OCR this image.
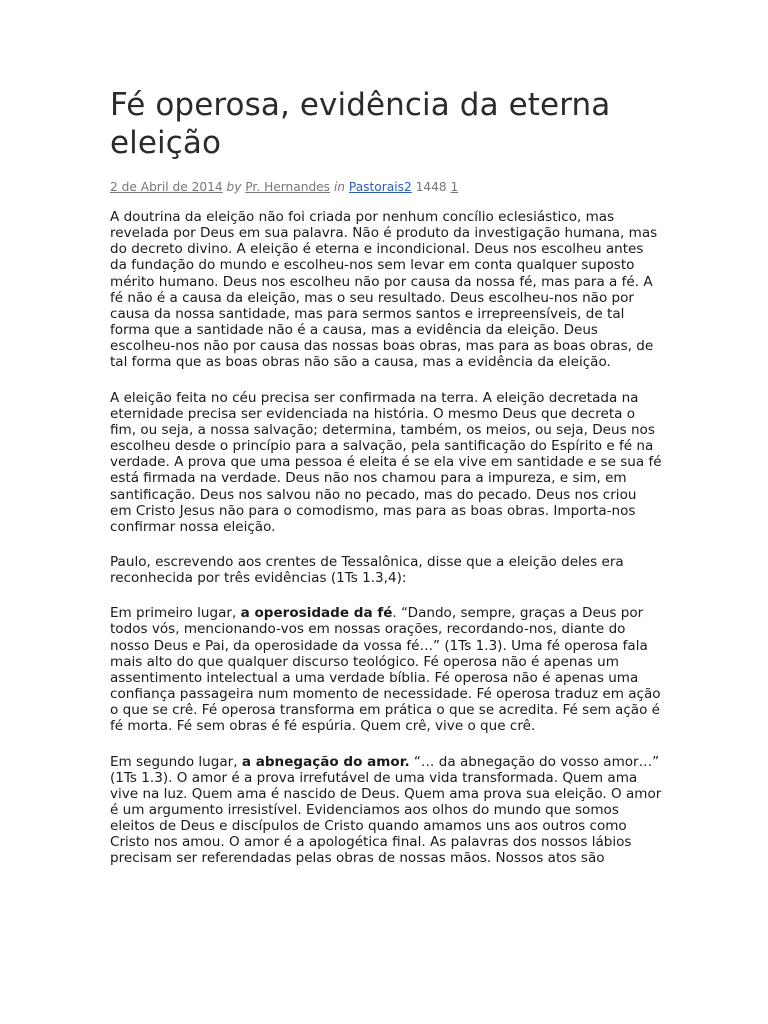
Fé operosa, evidência da eterna eleição
2 de Abril de 2014 by Pr. Hernandes in Pastorais2 1448 1

A doutrina da eleição não foi criada por nenhum concílio eclesiástico, mas revelada por Deus em sua palavra. Não é produto da investigação humana, mas do decreto divino. A eleição é eterna e incondicional. Deus nos escolheu antes da fundação do mundo e escolheu-nos sem levar em conta qualquer suposto mérito humano. Deus nos escolheu não por causa da nossa fé, mas para a fé. A fé não é a causa da eleição, mas o seu resultado. Deus escolheu-nos não por causa da nossa santidade, mas para sermos santos e irrepreensíveis, de tal forma que a santidade não é a causa, mas a evidência da eleição. Deus escolheu-nos não por causa das nossas boas obras, mas para as boas obras, de tal forma que as boas obras não são a causa, mas a evidência da eleição.

A eleição feita no céu precisa ser confirmada na terra. A eleição decretada na eternidade precisa ser evidenciada na história. O mesmo Deus que decreta o fim, ou seja, a nossa salvação; determina, também, os meios, ou seja, Deus nos escolheu desde o princípio para a salvação, pela santificação do Espírito e fé na verdade. A prova que uma pessoa é eleita é se ela vive em santidade e se sua fé está firmada na verdade. Deus não nos chamou para a impureza, e sim, em santificação. Deus nos salvou não no pecado, mas do pecado. Deus nos criou em Cristo Jesus não para o comodismo, mas para as boas obras. Importa-nos confirmar nossa eleição.

Paulo, escrevendo aos crentes de Tessalônica, disse que a eleição deles era reconhecida por três evidências (1Ts 1.3,4):

Em primeiro lugar, a operosidade da fé. “Dando, sempre, graças a Deus por todos vós, mencionando-vos em nossas orações, recordando-nos, diante do nosso Deus e Pai, da operosidade da vossa fé…” (1Ts 1.3). Uma fé operosa fala mais alto do que qualquer discurso teológico. Fé operosa não é apenas um assentimento intelectual a uma verdade bíblia. Fé operosa não é apenas uma confiança passageira num momento de necessidade. Fé operosa traduz em ação o que se crê. Fé operosa transforma em prática o que se acredita. Fé sem ação é fé morta. Fé sem obras é fé espúria. Quem crê, vive o que crê.

Em segundo lugar, a abnegação do amor. “… da abnegação do vosso amor…” (1Ts 1.3). O amor é a prova irrefutável de uma vida transformada. Quem ama vive na luz. Quem ama é nascido de Deus. Quem ama prova sua eleição. O amor é um argumento irresistível. Evidenciamos aos olhos do mundo que somos eleitos de Deus e discípulos de Cristo quando amamos uns aos outros como Cristo nos amou. O amor é a apologética final. As palavras dos nossos lábios precisam ser referendadas pelas obras de nossas mãos. Nossos atos são
